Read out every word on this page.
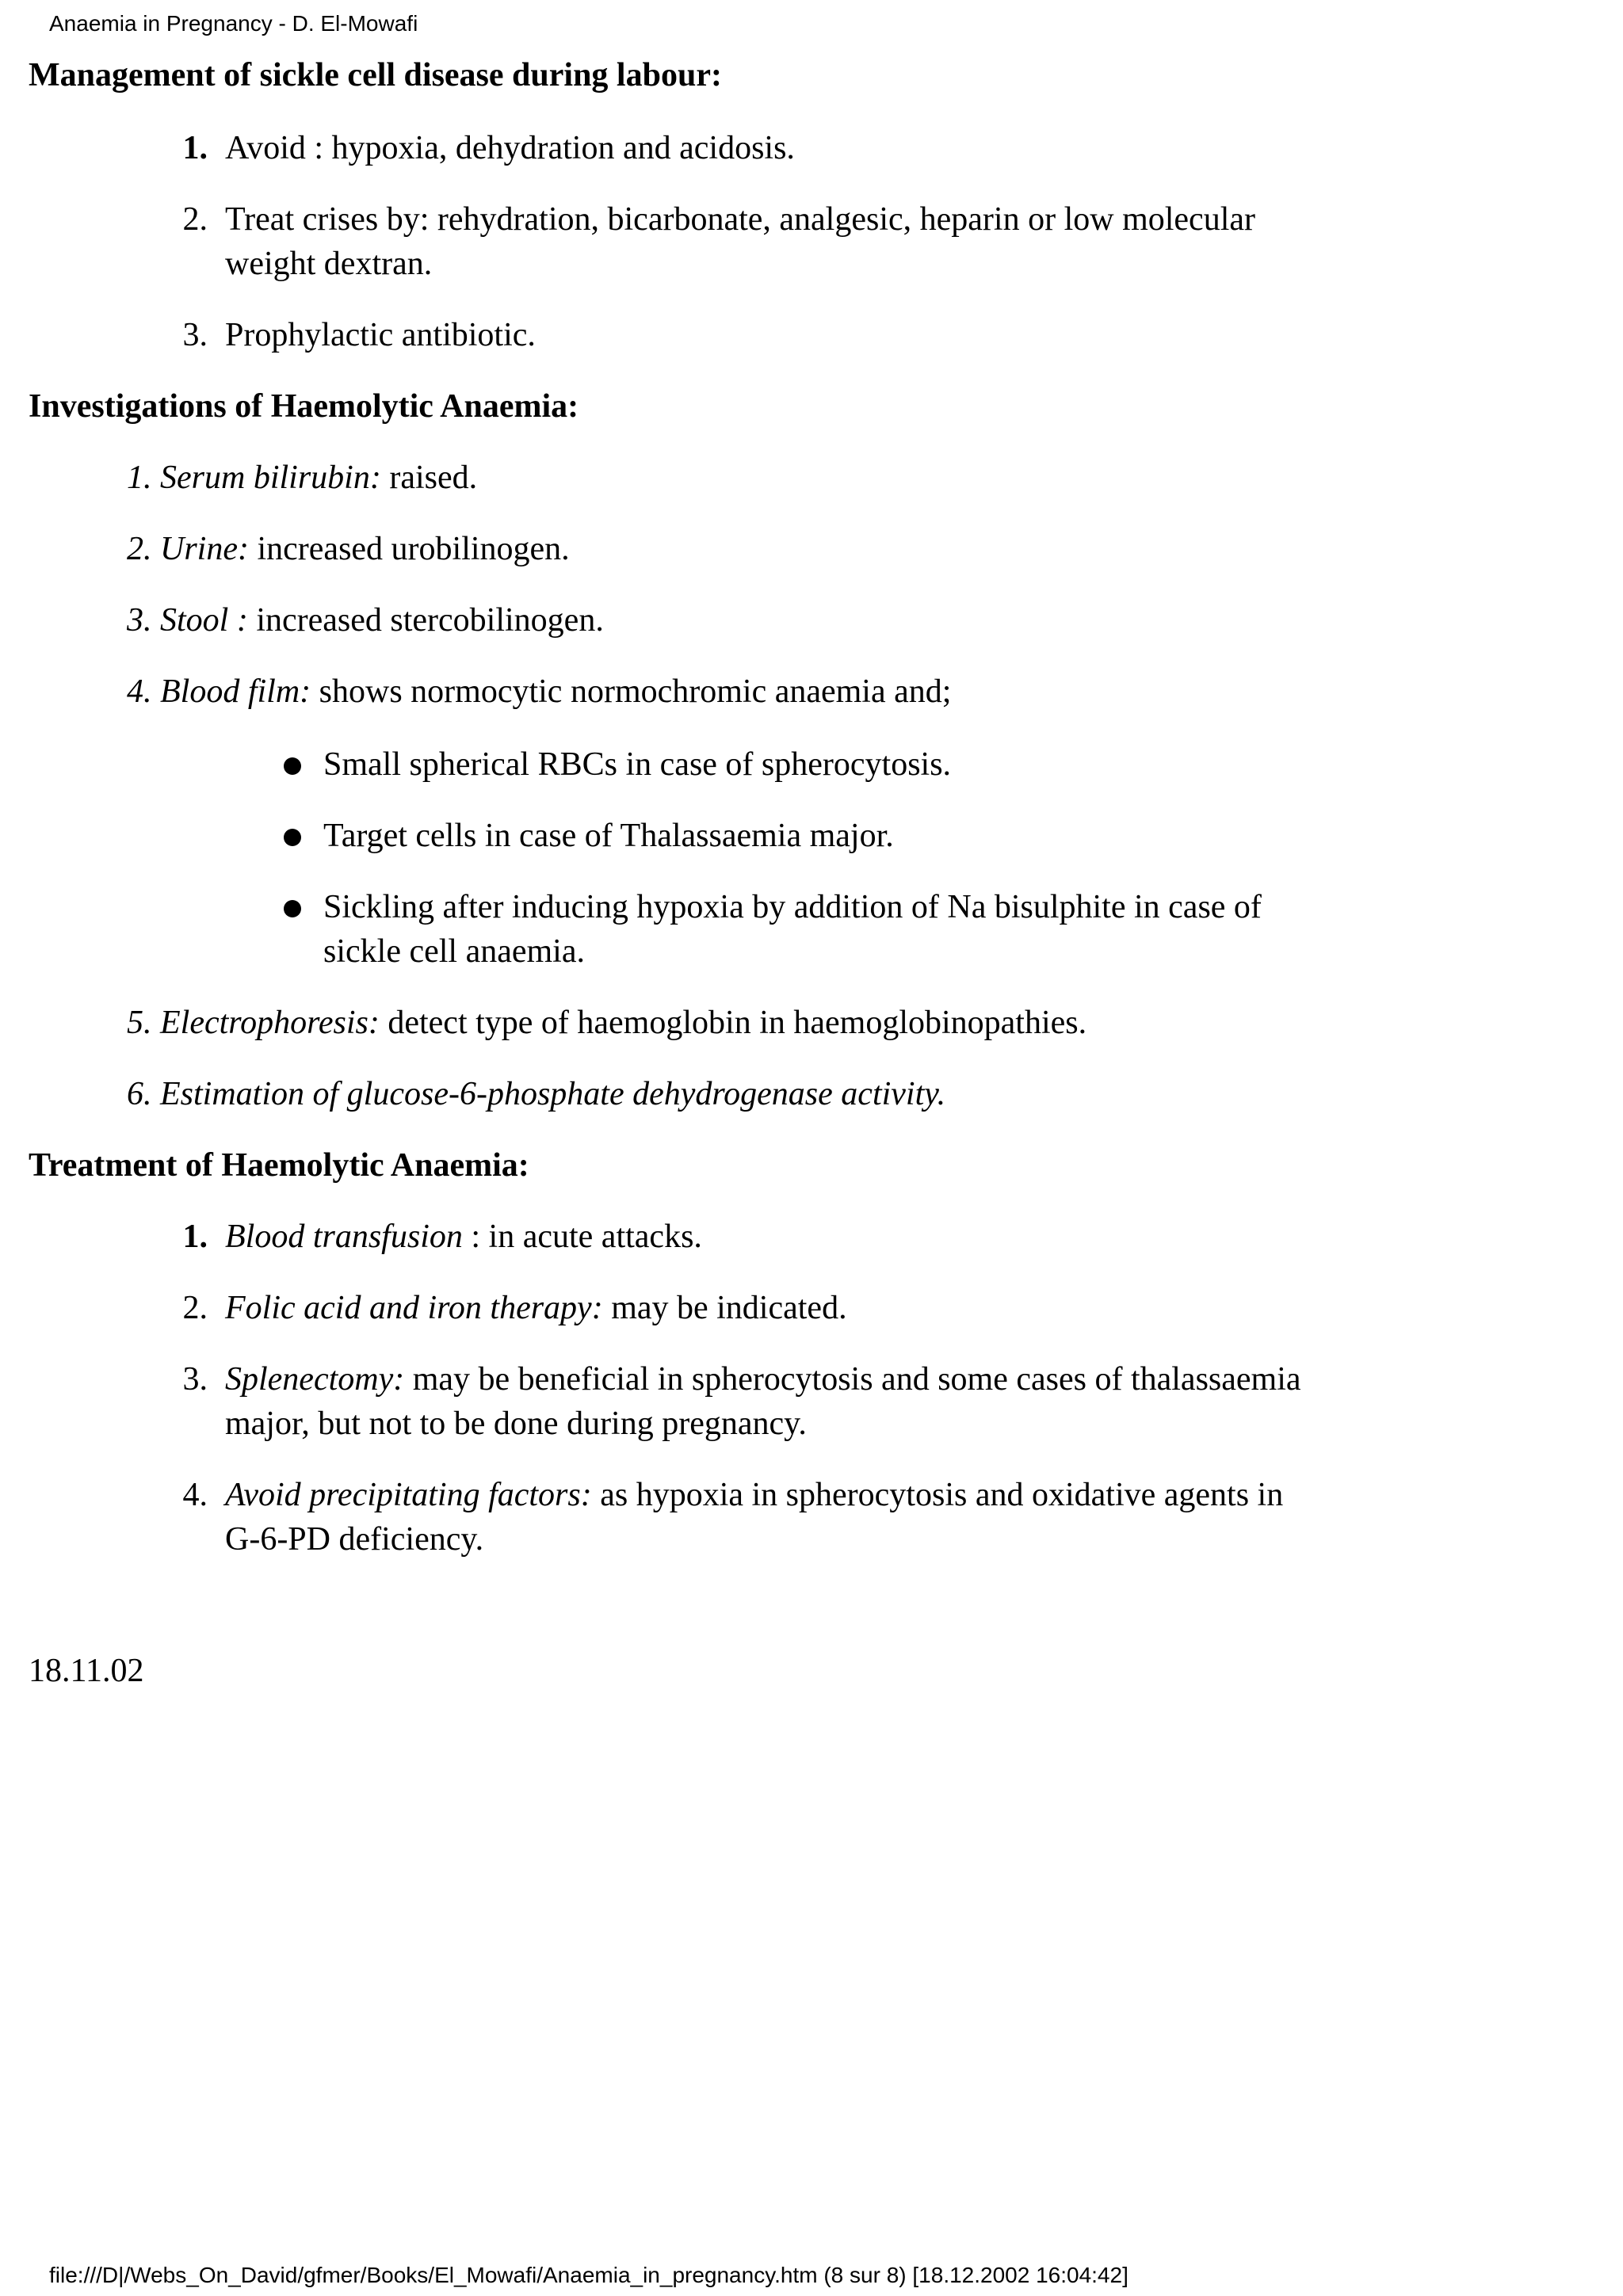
Anaemia in Pregnancy - D. El-Mowafi
Management of sickle cell disease during labour:
1. Avoid : hypoxia, dehydration and acidosis.
2. Treat crises by: rehydration, bicarbonate, analgesic, heparin or low molecular
weight dextran.
3. Prophylactic antibiotic.
Investigations of Haemolytic Anaemia:
1. Serum bilirubin: raised.
2. Urine: increased urobilinogen.
3. Stool : increased stercobilinogen.
4. Blood film: shows normocytic normochromic anaemia and;
Small spherical RBCs in case of spherocytosis.
Target cells in case of Thalassaemia major.
Sickling after inducing hypoxia by addition of Na bisulphite in case of
sickle cell anaemia.
5. Electrophoresis: detect type of haemoglobin in haemoglobinopathies.
6. Estimation of glucose-6-phosphate dehydrogenase activity.
Treatment of Haemolytic Anaemia:
1. Blood transfusion : in acute attacks.
2. Folic acid and iron therapy: may be indicated.
3. Splenectomy: may be beneficial in spherocytosis and some cases of thalassaemia
major, but not to be done during pregnancy.
4. Avoid precipitating factors: as hypoxia in spherocytosis and oxidative agents in
G-6-PD deficiency.
18.11.02
file:///D|/Webs_On_David/gfmer/Books/El_Mowafi/Anaemia_in_pregnancy.htm (8 sur 8) [18.12.2002 16:04:42]
